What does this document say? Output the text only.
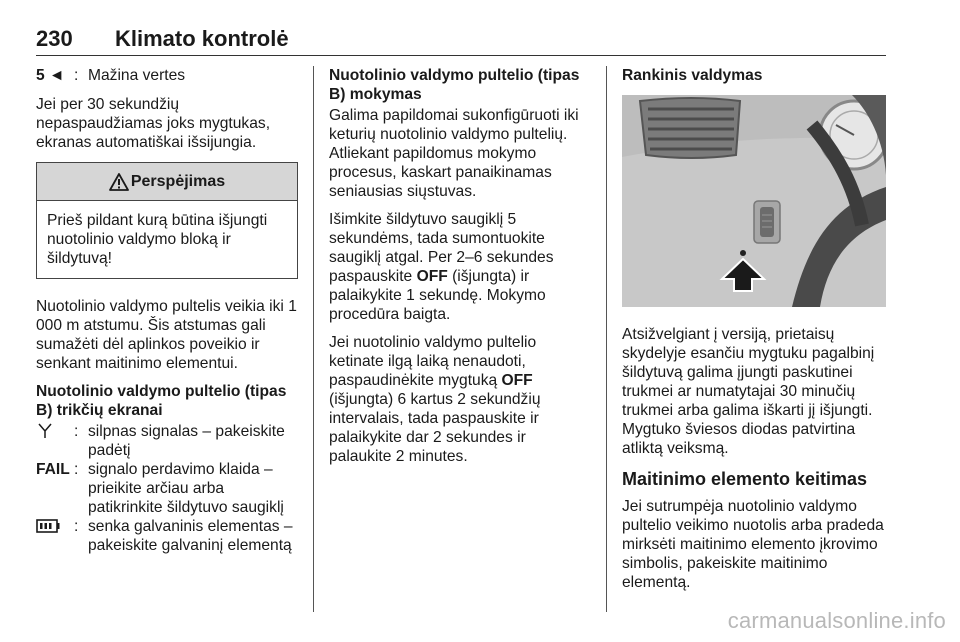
230 Klimato kontrolė
5 ◄ : Mažina vertes

Jei per 30 sekundžių nepaspaudžiamas joks mygtukas, ekranas automatiškai išsijungia.

Perspėjimas
Prieš pildant kurą būtina išjungti nuotolinio valdymo bloką ir šildytuvą!

Nuotolinio valdymo pultelis veikia iki 1 000 m atstumu. Šis atstumas gali sumažėti dėl aplinkos poveikio ir senkant maitinimo elementui.

Nuotolinio valdymo pultelio (tipas B) trikčių ekranai
: silpnas signalas – pakeiskite padėtį
FAIL : signalo perdavimo klaida – prieikite arčiau arba patikrinkite šildytuvo saugiklį
: senka galvaninis elementas – pakeiskite galvaninį elementą
Nuotolinio valdymo pultelio (tipas B) mokymas

Galima papildomai sukonfigūruoti iki keturių nuotolinio valdymo pultelių. Atliekant papildomus mokymo procesus, kaskart panaikinamas seniausias siųstuvas.

Išimkite šildytuvo saugiklį 5 sekundėms, tada sumontuokite saugiklį atgal. Per 2–6 sekundes paspauskite OFF (išjungta) ir palaikykite 1 sekundę. Mokymo procedūra baigta.

Jei nuotolinio valdymo pultelio ketinate ilgą laiką nenaudoti, paspaudinėkite mygtuką OFF (išjungta) 6 kartus 2 sekundžių intervalais, tada paspauskite ir palaikykite dar 2 sekundes ir palaukite 2 minutes.

Rankinis valdymas

Atsižvelgiant į versiją, prietaisų skydelyje esančiu mygtuku pagalbinį šildytuvą galima įjungti paskutinei trukmei ar numatytajai 30 minučių trukmei arba galima iškarti jį išjungti. Mygtuko šviesos diodas patvirtina atliktą veiksmą.

Maitinimo elemento keitimas

Jei sutrumpėja nuotolinio valdymo pultelio veikimo nuotolis arba pradeda mirksėti maitinimo elemento įkrovimo simbolis, pakeiskite maitinimo elementą.

carmanualsonline.info
